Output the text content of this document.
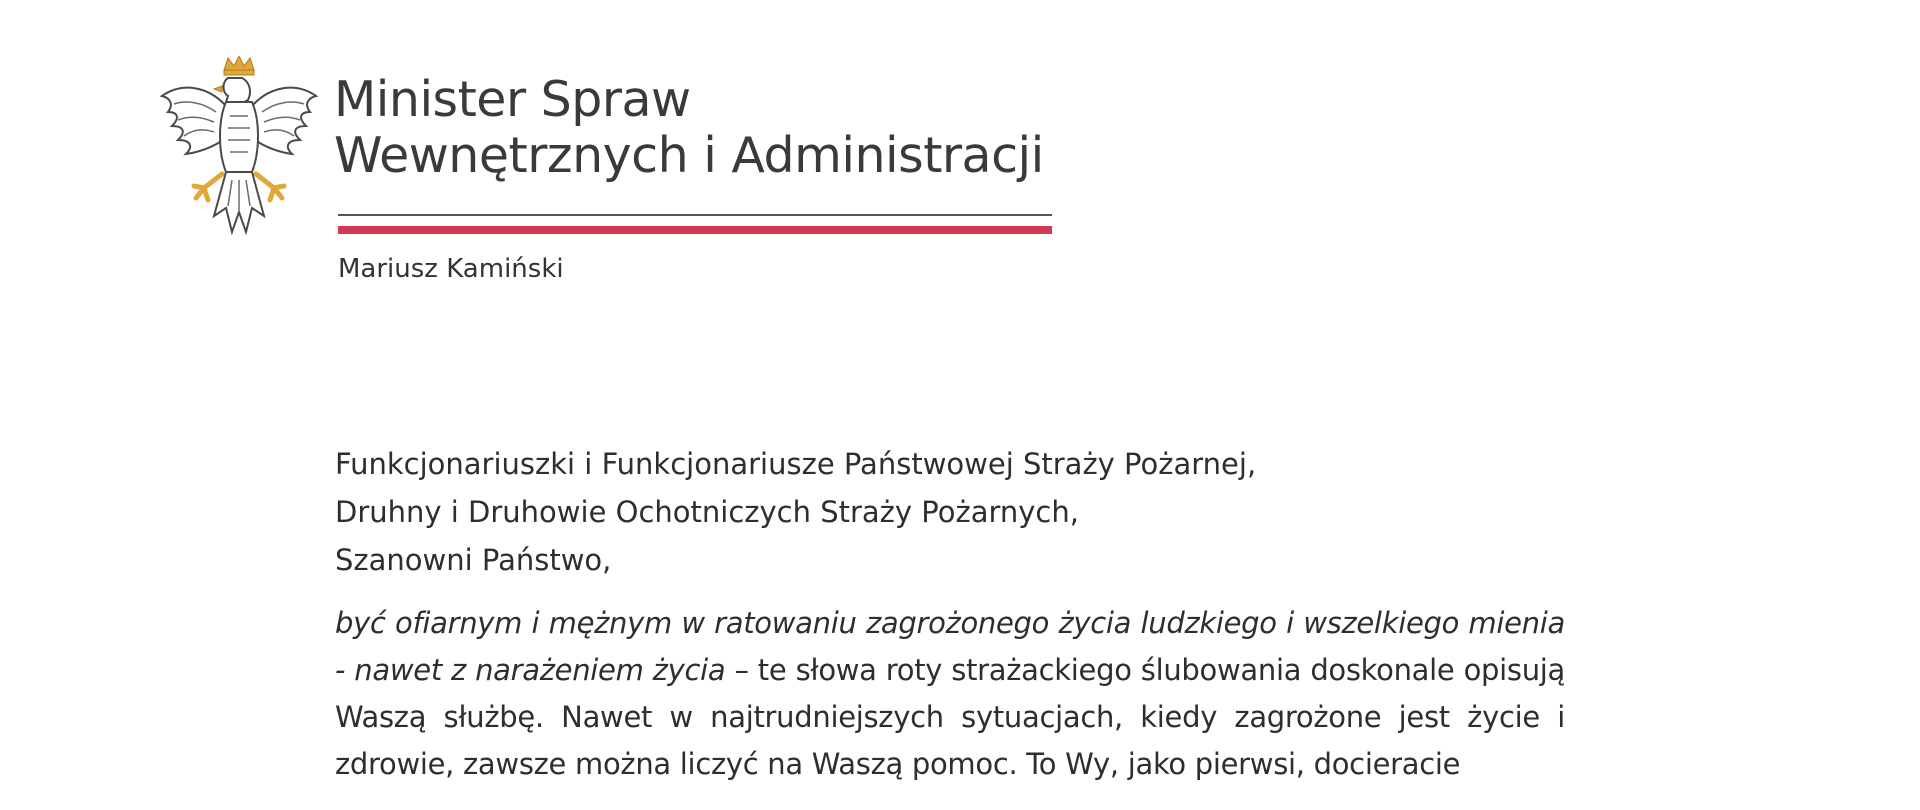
Minister Spraw
Wewnętrznych i Administracji
Mariusz Kamiński

Funkcjonariuszki i Funkcjonariusze Państwowej Straży Pożarnej,
Druhny i Druhowie Ochotniczych Straży Pożarnych,
Szanowni Państwo,

być ofiarnym i mężnym w ratowaniu zagrożonego życia ludzkiego i wszelkiego mienia - nawet z narażeniem życia – te słowa roty strażackiego ślubowania doskonale opisują Waszą służbę. Nawet w najtrudniejszych sytuacjach, kiedy zagrożone jest życie i zdrowie, zawsze można liczyć na Waszą pomoc. To Wy, jako pierwsi, docieracie
